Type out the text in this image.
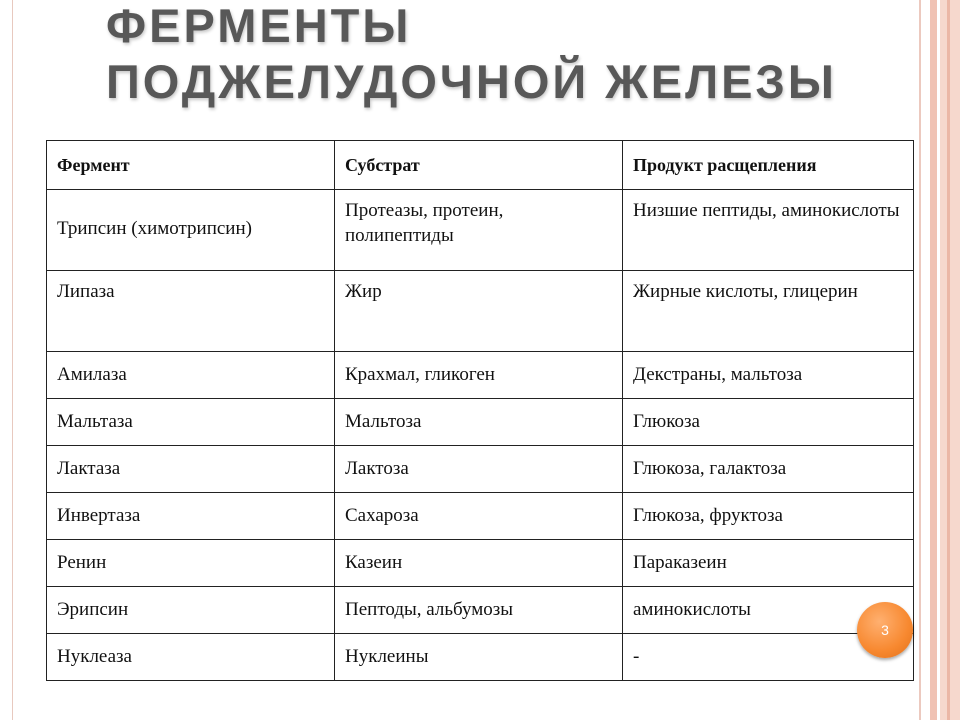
ФЕРМЕНТЫ
ПОДЖЕЛУДОЧНОЙ ЖЕЛЕЗЫ
Фермент	Субстрат	Продукт расщепления
Трипсин (химотрипсин)	Протеазы, протеин, полипептиды	Низшие пептиды, аминокислоты
Липаза	Жир	Жирные кислоты, глицерин
Амилаза	Крахмал, гликоген	Декстраны, мальтоза
Мальтаза	Мальтоза	Глюкоза
Лактаза	Лактоза	Глюкоза, галактоза
Инвертаза	Сахароза	Глюкоза, фруктоза
Ренин	Казеин	Параказеин
Эрипсин	Пептоды, альбумозы	аминокислоты
Нуклеаза	Нуклеины	-
3
